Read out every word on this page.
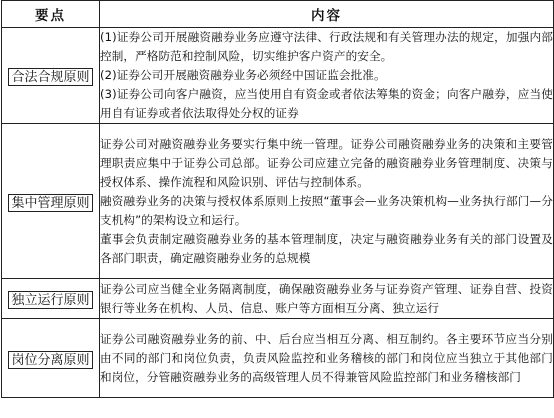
要点	内容
合法合规原则	(1)证券公司开展融资融券业务应遵守法律、行政法规和有关管理办法的规定，加强内部控制，严格防范和控制风险，切实维护客户资产的安全。

(2)证券公司开展融资融券业务必须经中国证监会批准。

(3)证券公司向客户融资，应当使用自有资金或者依法筹集的资金；向客户融券，应当使用自有证券或者依法取得处分权的证券

集中管理原则	证券公司对融资融券业务要实行集中统一管理。证券公司融资融券业务的决策和主要管理职责应集中于证券公司总部。证券公司应建立完备的融资融券业务管理制度、决策与授权体系、操作流程和风险识别、评估与控制体系。

融资融券业务的决策与授权体系原则上按照“董事会—业务决策机构—业务执行部门—分支机构”的架构设立和运行。

董事会负责制定融资融券业务的基本管理制度，决定与融资融券业务有关的部门设置及各部门职责，确定融资融券业务的总规模

独立运行原则	证券公司应当健全业务隔离制度，确保融资融券业务与证券资产管理、证券自营、投资银行等业务在机构、人员、信息、账户等方面相互分离、独立运行

岗位分离原则	证券公司融资融券业务的前、中、后台应当相互分离、相互制约。各主要环节应当分别由不同的部门和岗位负责，负责风险监控和业务稽核的部门和岗位应当独立于其他部门和岗位，分管融资融券业务的高级管理人员不得兼管风险监控部门和业务稽核部门
